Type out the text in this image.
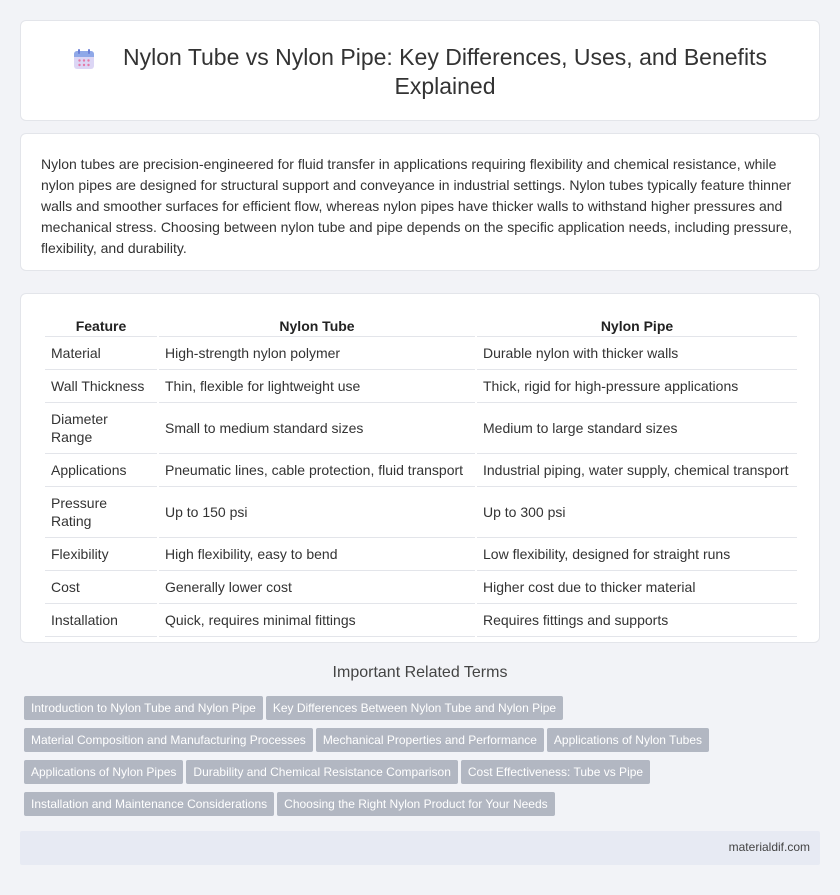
Nylon Tube vs Nylon Pipe: Key Differences, Uses, and Benefits Explained

Nylon tubes are precision-engineered for fluid transfer in applications requiring flexibility and chemical resistance, while nylon pipes are designed for structural support and conveyance in industrial settings. Nylon tubes typically feature thinner walls and smoother surfaces for efficient flow, whereas nylon pipes have thicker walls to withstand higher pressures and mechanical stress. Choosing between nylon tube and pipe depends on the specific application needs, including pressure, flexibility, and durability.

Feature	Nylon Tube	Nylon Pipe
Material	High-strength nylon polymer	Durable nylon with thicker walls
Wall Thickness	Thin, flexible for lightweight use	Thick, rigid for high-pressure applications
Diameter Range	Small to medium standard sizes	Medium to large standard sizes
Applications	Pneumatic lines, cable protection, fluid transport	Industrial piping, water supply, chemical transport
Pressure Rating	Up to 150 psi	Up to 300 psi
Flexibility	High flexibility, easy to bend	Low flexibility, designed for straight runs
Cost	Generally lower cost	Higher cost due to thicker material
Installation	Quick, requires minimal fittings	Requires fittings and supports
Important Related Terms
Introduction to Nylon Tube and Nylon Pipe Key Differences Between Nylon Tube and Nylon PipeMaterial Composition and Manufacturing Processes Mechanical Properties and Performance Applications of Nylon TubesApplications of Nylon Pipes Durability and Chemical Resistance Comparison Cost Effectiveness: Tube vs PipeInstallation and Maintenance Considerations Choosing the Right Nylon Product for Your Needs
materialdif.com
